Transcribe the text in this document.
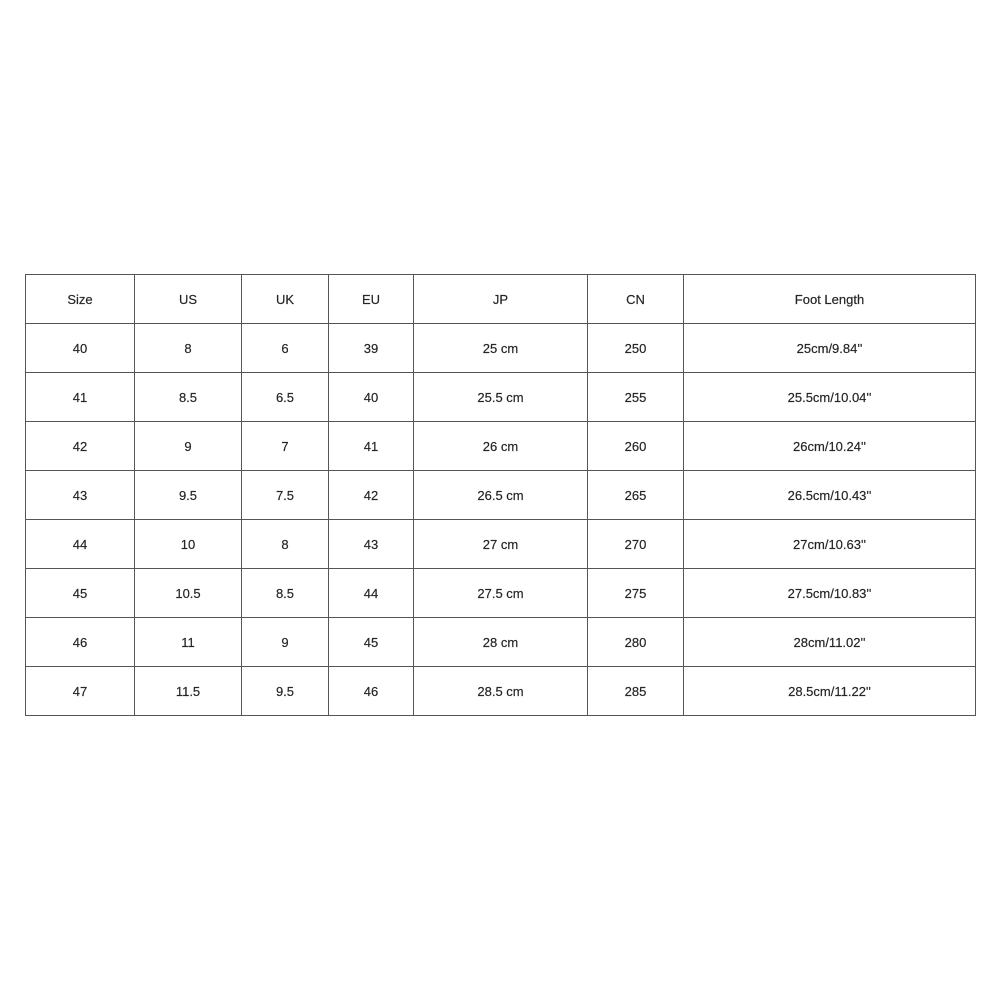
Size	US	UK	EU	JP	CN	Foot Length
40	8	6	39	25 cm	250	25cm/9.84''
41	8.5	6.5	40	25.5 cm	255	25.5cm/10.04''
42	9	7	41	26 cm	260	26cm/10.24''
43	9.5	7.5	42	26.5 cm	265	26.5cm/10.43''
44	10	8	43	27 cm	270	27cm/10.63''
45	10.5	8.5	44	27.5 cm	275	27.5cm/10.83''
46	11	9	45	28 cm	280	28cm/11.02''
47	11.5	9.5	46	28.5 cm	285	28.5cm/11.22''
